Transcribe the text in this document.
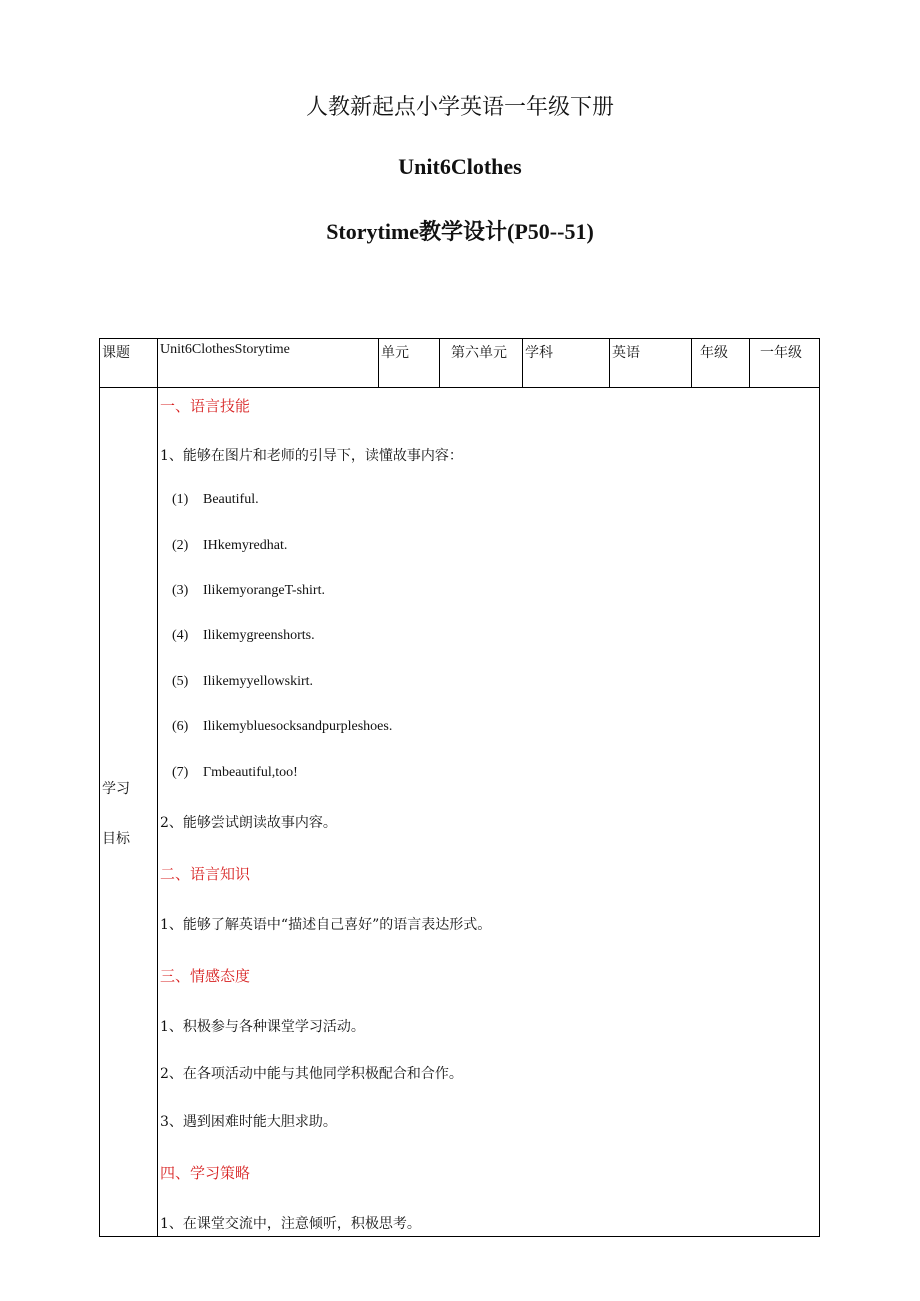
人教新起点小学英语一年级下册
Unit6Clothes
Storytime教学设计(P50--51)
课题 Unit6ClothesStorytime	单元	第六单元 学科	英语	年级 一年级
学习
目标
一、语言技能
1、能够在图片和老师的引导下，读懂故事内容：
(1) Beautiful.
(2) IHkemyredhat.
(3) IlikemyorangeT-shirt.
(4) Ilikemygreenshorts.
(5) Ilikemyyellowskirt.
(6) Ilikemybluesocksandpurpleshoes.
(7) Γmbeautiful,too!
2、能够尝试朗读故事内容。
二、语言知识
1、能够了解英语中“描述自己喜好”的语言表达形式。
三、情感态度
1、积极参与各种课堂学习活动。
2、在各项活动中能与其他同学积极配合和合作。
3、遇到困难时能大胆求助。
四、学习策略
1、在课堂交流中，注意倾听，积极思考。
